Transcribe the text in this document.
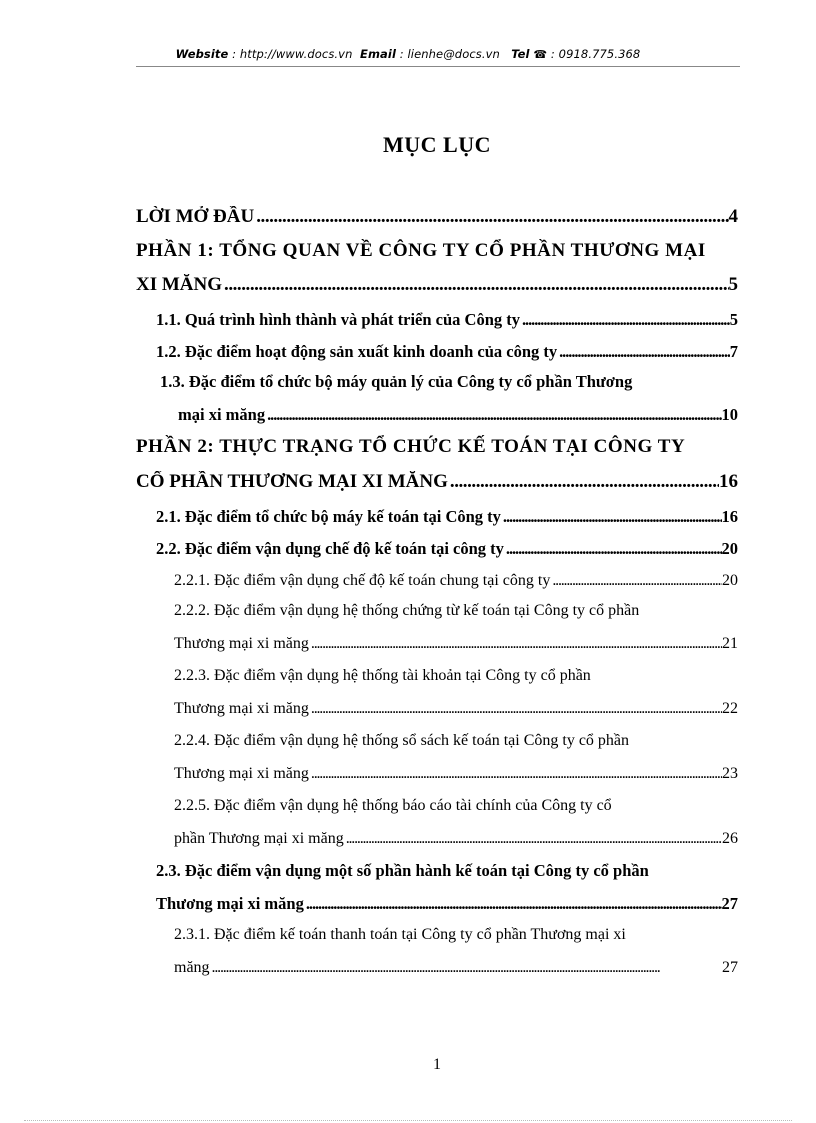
Website : http://www.docs.vn Email : lienhe@docs.vn Tel ☎ : 0918.775.368
MỤC LỤC
LỜI MỞ ĐẦU . . .	4
PHẦN 1: TỔNG QUAN VỀ CÔNG TY CỔ PHẦN THƯƠNG MẠI
XI MĂNG . . .	5
1.1. Quá trình hình thành và phát triển của Công ty . . .	5
1.2. Đặc điểm hoạt động sản xuất kinh doanh của công ty . . .	7
1.3. Đặc điểm tổ chức bộ máy quản lý của Công ty cổ phần Thương
mại xi măng . . .	10
PHẦN 2: THỰC TRẠNG TỔ CHỨC KẾ TOÁN TẠI CÔNG TY
CỔ PHẦN THƯƠNG MẠI XI MĂNG . . .	16
2.1. Đặc điểm tổ chức bộ máy kế toán tại Công ty . . .	16
2.2. Đặc điểm vận dụng chế độ kế toán tại công ty . . .	20
2.2.1. Đặc điểm vận dụng chế độ kế toán chung tại công ty . . .	20
2.2.2. Đặc điểm vận dụng hệ thống chứng từ kế toán tại Công ty cổ phần
Thương mại xi măng . . .	21
2.2.3. Đặc điểm vận dụng hệ thống tài khoản tại Công ty cổ phần
Thương mại xi măng . . .	22
2.2.4. Đặc điểm vận dụng hệ thống sổ sách kế toán tại Công ty cổ phần
Thương mại xi măng . . .	23
2.2.5. Đặc điểm vận dụng hệ thống báo cáo tài chính của Công ty cổ
phần Thương mại xi măng . . .	26
2.3. Đặc điểm vận dụng một số phần hành kế toán tại Công ty cổ phần
Thương mại xi măng . . .	27
2.3.1. Đặc điểm kế toán thanh toán tại Công ty cổ phần Thương mại xi
măng . . .	27
1
